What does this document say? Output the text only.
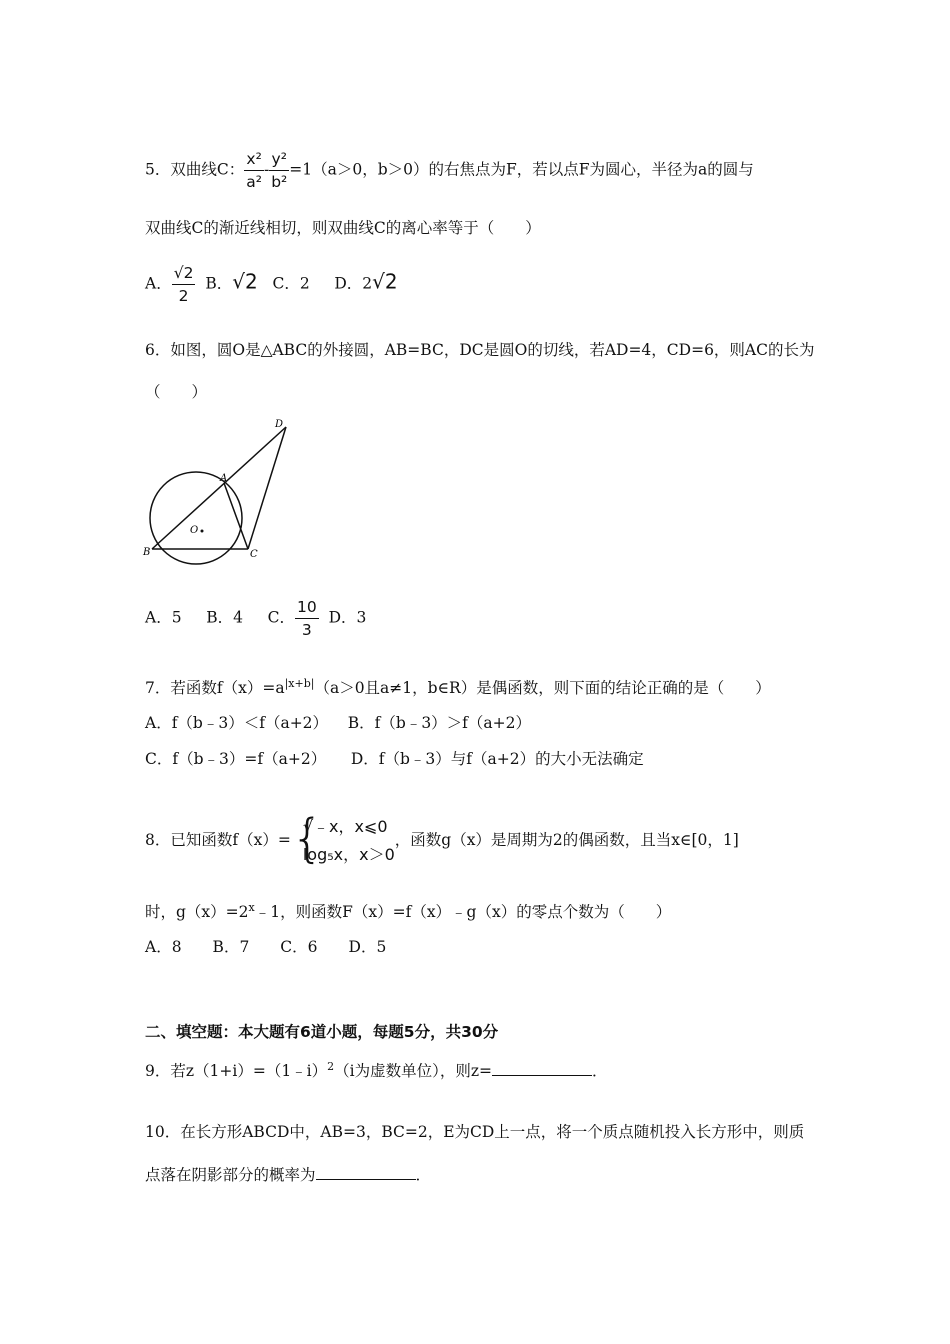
5．双曲线C： $\frac{\text{x²}}{\text{a²}} - \frac{\text{y²}}{\text{b²}} =1(a>0$，b＞0）的右焦点为F，若以点F为圆心，半径为a的圆与
双曲线C的渐近线相切，则双曲线C的离心率等于（　　）
A． $\frac{√2}{2}$ B．√2 C．2 D．2√2
6．如图，圆O是△ABC的外接圆，AB=BC，DC是圆O的切线，若AD=4，CD=6，则AC的长为
（　　）
D
A
B	C
O
A．5 B．4 C． $\frac{10}{3}$ D．3
7．若函数$f(x)=a^{|x+b|}(a>0$且a≠1，b∈R）是偶函数，则下面的结论正确的是（　　）
A．f（b﹣3）＜f（a+2） B．f（b﹣3）＞f（a+2）
C．f（b﹣3）=f（a+2） D．f（b﹣3）与f（a+2）的大小无法确定
8．已知函数f（x）= {
√﹣x，x⩽0
log₅x，x＞0
，函数g（x）是周期为2的偶函数，且当x∈[0，1]
时，$g(x)=2^x﹣1$，则函数F（x）=f（x）﹣g（x）的零点个数为（　　）
A．8　　B．7　　C．6　　D．5
二、填空题：本大题有6道小题，每题5分，共30分
9．若z（1+i）=（1﹣i）$^2$（i为虚数单位），则z=	．
10．在长方形ABCD中，AB=3，BC=2，E为CD上一点，将一个质点随机投入长方形中，则质
点落在阴影部分的概率为	．
